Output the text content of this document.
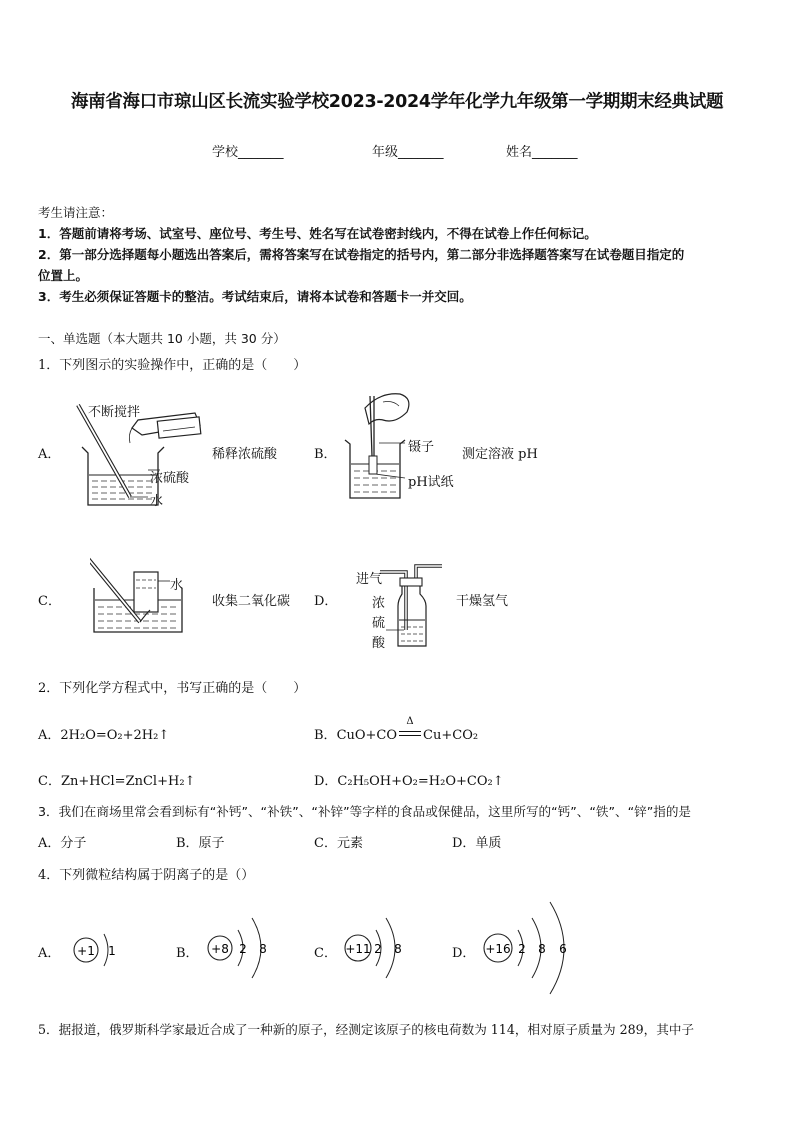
海南省海口市琼山区长流实验学校2023-2024学年化学九年级第一学期期末经典试题
学校_______	年级_______	姓名_______
考生请注意：
1．答题前请将考场、试室号、座位号、考生号、姓名写在试卷密封线内，不得在试卷上作任何标记。
2．第一部分选择题每小题选出答案后，需将答案写在试卷指定的括号内，第二部分非选择题答案写在试卷题目指定的
位置上。
3．考生必须保证答题卡的整洁。考试结束后，请将本试卷和答题卡一并交回。
一、单选题（本大题共 10 小题，共 30 分）
1．下列图示的实验操作中，正确的是（　　）
A．
不断搅拌
浓硫酸
水
稀释浓硫酸	B．	镊子
pH试纸
测定溶液 pH
C．
水
收集二氧化碳 D．
进气
浓
硫
酸
干燥氢气
2．下列化学方程式中，书写正确的是（　　）
A．2H₂O=O₂+2H₂↑	B．CuO+CO
Δ
Cu+CO₂
C．Zn+HCl=ZnCl+H₂↑	D．C₂H₅OH+O₂=H₂O+CO₂↑
3．我们在商场里常会看到标有“补钙”、“补铁”、“补锌”等字样的食品或保健品，这里所写的“钙”、“铁”、“锌”指的是
A．分子	B．原子	C．元素	D．单质
4．下列微粒结构属于阴离子的是（）
A． +1 1	B． +8 2 8	C． +11 2 8	D． +16 2 8 6
5．据报道，俄罗斯科学家最近合成了一种新的原子，经测定该原子的核电荷数为 114，相对原子质量为 289，其中子
